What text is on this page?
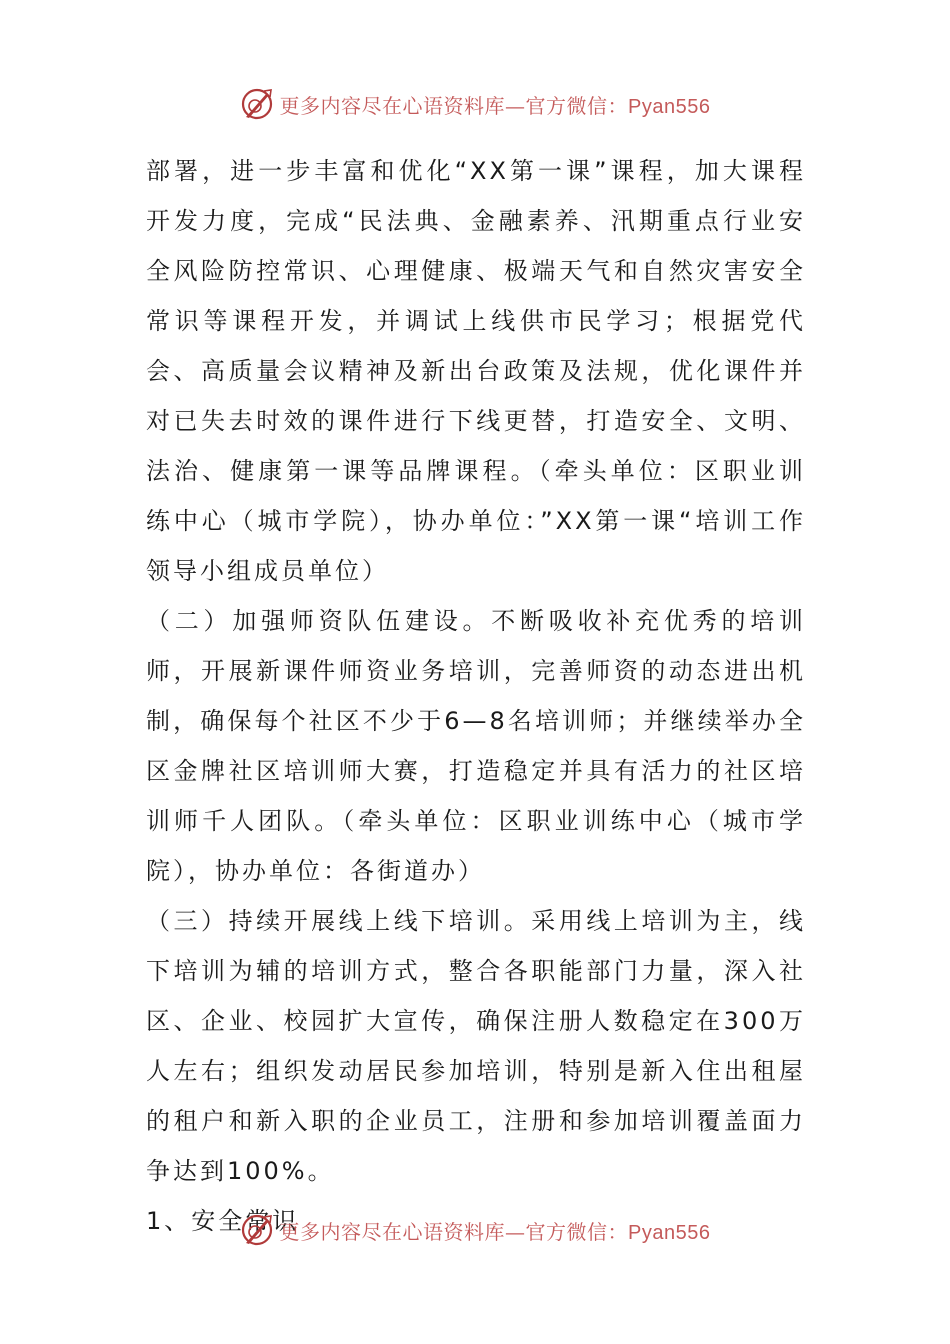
更多内容尽在心语资料库—官方微信：Pyan556

部署，进一步丰富和优化“XX第一课”课程，加大课程开发力度，完成“民法典、金融素养、汛期重点行业安全风险防控常识、心理健康、极端天气和自然灾害安全常识等课程开发，并调试上线供市民学习；根据党代会、高质量会议精神及新出台政策及法规，优化课件并对已失去时效的课件进行下线更替，打造安全、文明、法治、健康第一课等品牌课程。（牵头单位：区职业训练中心（城市学院），协办单位：”XX第一课“培训工作领导小组成员单位）

（二）加强师资队伍建设。不断吸收补充优秀的培训师，开展新课件师资业务培训，完善师资的动态进出机制，确保每个社区不少于6—8名培训师；并继续举办全区金牌社区培训师大赛，打造稳定并具有活力的社区培训师千人团队。（牵头单位：区职业训练中心（城市学院），协办单位：各街道办）

（三）持续开展线上线下培训。采用线上培训为主，线下培训为辅的培训方式，整合各职能部门力量，深入社区、企业、校园扩大宣传，确保注册人数稳定在300万人左右；组织发动居民参加培训，特别是新入住出租屋的租户和新入职的企业员工，注册和参加培训覆盖面力争达到100%。

1、安全常识

更多内容尽在心语资料库—官方微信：Pyan556
